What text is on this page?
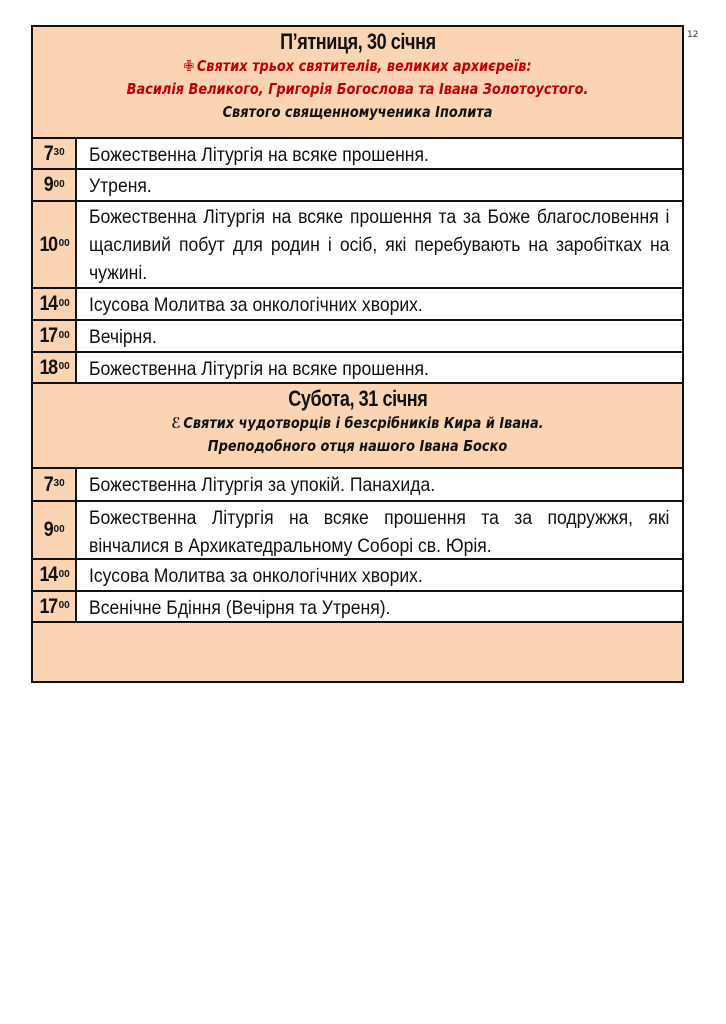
12
П’ятниця, 30 січня
✙ Святих трьох святителів, великих архиєреїв:
Василія Великого, Григорія Богослова та Івана Золотоустого.
Святого священномученика Іполита
7 30	Божественна Літургія на всяке прошення.
9 00	Утреня.
10 00
Божественна Літургія на всяке прошення та за Боже благословення і щасливий побут для родин і осіб, які перебувають на заробітках на чужині.
14 00 Ісусова Молитва за онкологічних хворих.
17 00 Вечірня.
18 00 Божественна Літургія на всяке прошення.
Субота, 31 січня
ℰ Святих чудотворців і безсрібників Кира й Івана.
Преподобного отця нашого Івана Боско
7 30	Божественна Літургія за упокій. Панахида.
9 00	Божественна Літургія на всяке прошення та за подружжя, які вінчалися в Архикатедральному Соборі св. Юрія.
14 00 Ісусова Молитва за онкологічних хворих.
17 00 Всенічне Бдіння (Вечірня та Утреня).
